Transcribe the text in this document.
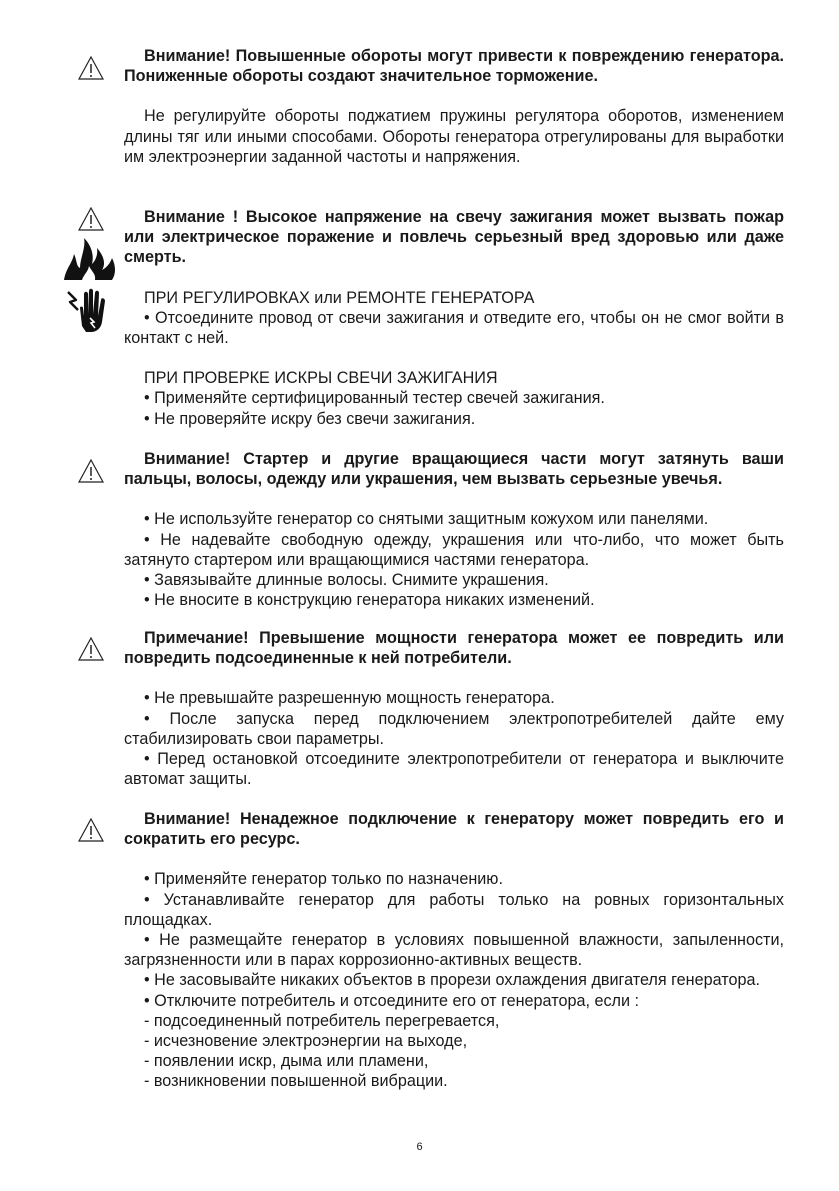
Внимание! Повышенные обороты могут привести к повреждению генератора. Пониженные обороты создают значительное торможение.

Не регулируйте обороты поджатием пружины регулятора оборотов, изменением длины тяг или иными способами. Обороты генератора отрегулированы для выработки им электроэнергии заданной частоты и напряжения.

Внимание ! Высокое напряжение на свечу зажигания может вызвать пожар или электрическое поражение и повлечь серьезный вред здоровью или даже смерть.

ПРИ РЕГУЛИРОВКАХ или РЕМОНТЕ ГЕНЕРАТОРА

• Отсоедините провод от свечи зажигания и отведите его, чтобы он не смог войти в контакт с ней.

ПРИ ПРОВЕРКЕ ИСКРЫ СВЕЧИ ЗАЖИГАНИЯ

• Применяйте сертифицированный тестер свечей зажигания.

• Не проверяйте искру без свечи зажигания.

Внимание! Стартер и другие вращающиеся части могут затянуть ваши пальцы, волосы, одежду или украшения, чем вызвать серьезные увечья.

• Не используйте генератор со снятыми защитным кожухом или панелями.

• Не надевайте свободную одежду, украшения или что-либо, что может быть затянуто стартером или вращающимися частями генератора.

• Завязывайте длинные волосы. Снимите украшения.

• Не вносите в конструкцию генератора никаких изменений.

Примечание! Превышение мощности генератора может ее повредить или повредить подсоединенные к ней потребители.

• Не превышайте разрешенную мощность генератора.

• После запуска перед подключением электропотребителей дайте ему стабилизировать свои параметры.

• Перед остановкой отсоедините электропотребители от генератора и выключите автомат защиты.

Внимание! Ненадежное подключение к генератору может повредить его и сократить его ресурс.

• Применяйте генератор только по назначению.

• Устанавливайте генератор для работы только на ровных горизонтальных площадках.

• Не размещайте генератор в условиях повышенной влажности, запыленности, загрязненности или в парах коррозионно-активных веществ.

• Не засовывайте никаких объектов в прорези охлаждения двигателя генератора.

• Отключите потребитель и отсоедините его от генератора, если :

- подсоединенный потребитель перегревается,

- исчезновение электроэнергии на выходе,

- появлении искр, дыма или пламени,

- возникновении повышенной вибрации.

6
